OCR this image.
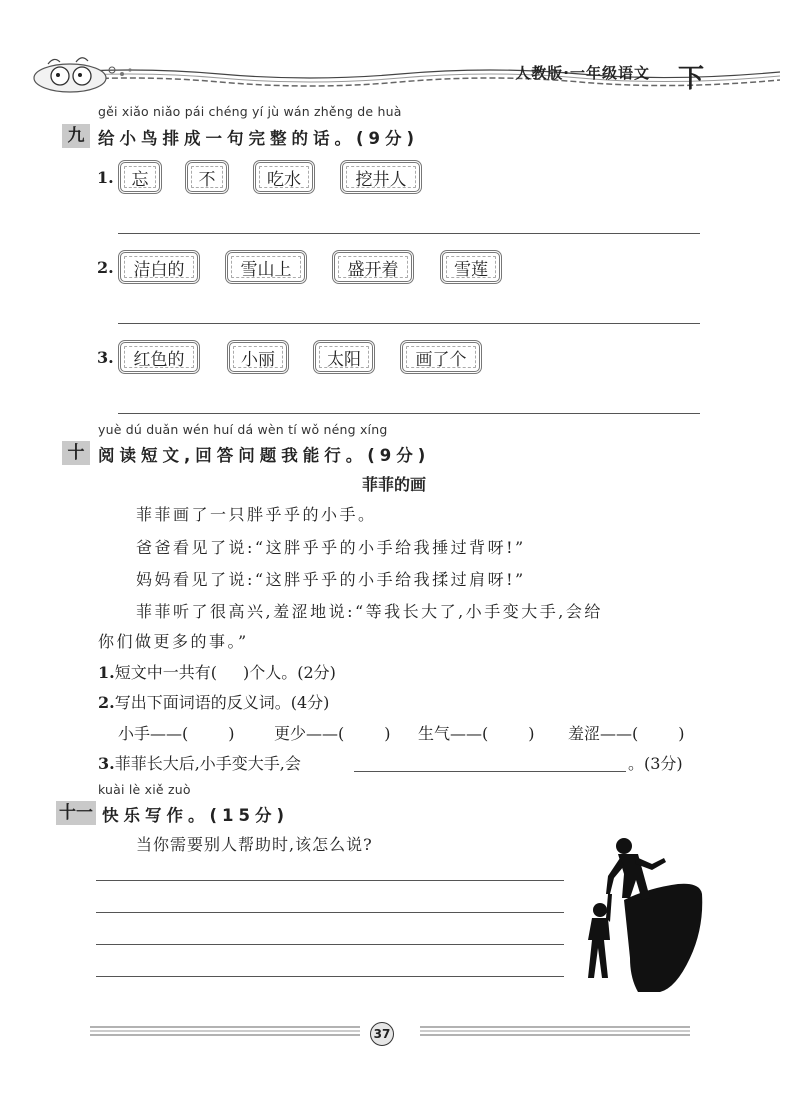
人教版·一年级语文 下
gěi xiǎo niǎo pái chéng yí jù wán zhěng de huà
九 给小鸟排成一句完整的话。(9分)
1.	忘	不	吃水	挖井人
2.	洁白的	雪山上	盛开着	雪莲
3.	红色的	小丽	太阳	画了个
yuè dú duǎn wén huí dá wèn tí wǒ néng xíng
十 阅读短文,回答问题我能行。(9分)
菲菲的画
菲菲画了一只胖乎乎的小手。
爸爸看见了说:“这胖乎乎的小手给我捶过背呀!”
妈妈看见了说:“这胖乎乎的小手给我揉过肩呀!”
菲菲听了很高兴,羞涩地说:“等我长大了,小手变大手,会给
你们做更多的事。”
1.短文中一共有( )个人。(2分)
2.写出下面词语的反义词。(4分)
小手——(	) 更少——(	) 生气——(	) 羞涩——(	)
3.菲菲长大后,小手变大手,会	。(3分)
kuài lè xiě zuò
十一 快乐写作。(15分)
当你需要别人帮助时,该怎么说?
37
